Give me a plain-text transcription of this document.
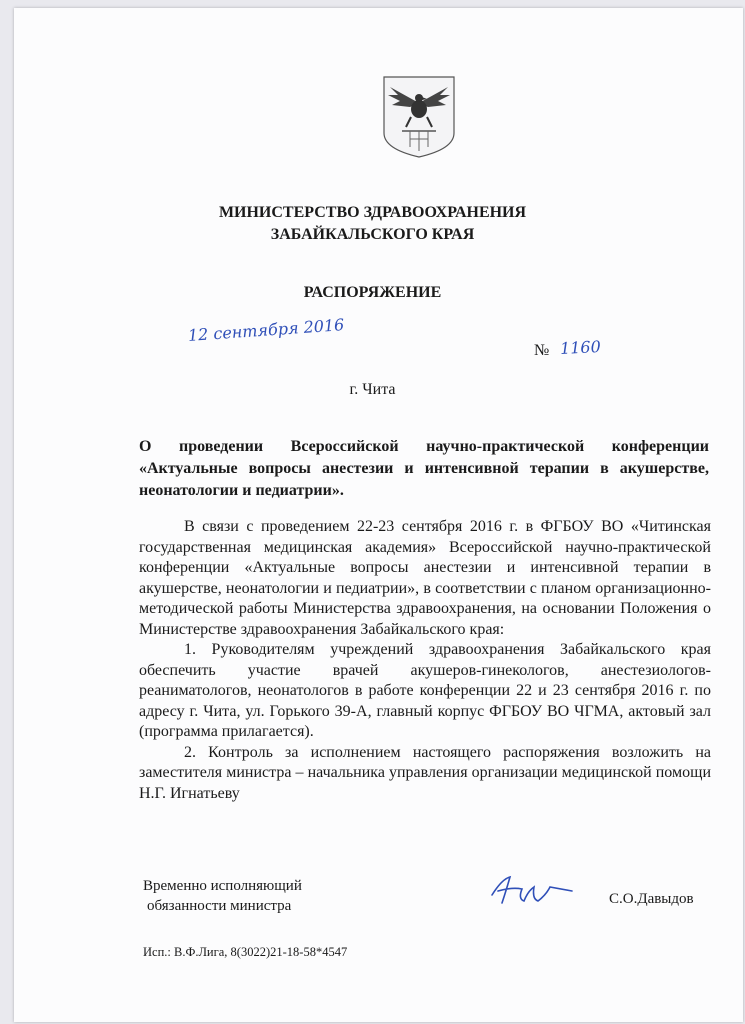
МИНИСТЕРСТВО ЗДРАВООХРАНЕНИЯ
ЗАБАЙКАЛЬСКОГО КРАЯ
РАСПОРЯЖЕНИЕ
12 сентября 2016
№ 1160
г. Чита
О проведении Всероссийской научно-практической конференции «Актуальные вопросы анестезии и интенсивной терапии в акушерстве, неонатологии и педиатрии».

В связи с проведением 22-23 сентября 2016 г. в ФГБОУ ВО «Читинская государственная медицинская академия» Всероссийской научно-практической конференции «Актуальные вопросы анестезии и интенсивной терапии в акушерстве, неонатологии и педиатрии», в соответствии с планом организационно-методической работы Министерства здравоохранения, на основании Положения о Министерстве здравоохранения Забайкальского края:

1. Руководителям учреждений здравоохранения Забайкальского края обеспечить участие врачей акушеров-гинекологов, анестезиологов-реаниматологов, неонатологов в работе конференции 22 и 23 сентября 2016 г. по адресу г. Чита, ул. Горького 39-А, главный корпус ФГБОУ ВО ЧГМА, актовый зал (программа прилагается).

2. Контроль за исполнением настоящего распоряжения возложить на заместителя министра – начальника управления организации медицинской помощи Н.Г. Игнатьеву

Временно исполняющий
обязанности министра	С.О.Давыдов
Исп.: В.Ф.Лига, 8(3022)21-18-58*4547
